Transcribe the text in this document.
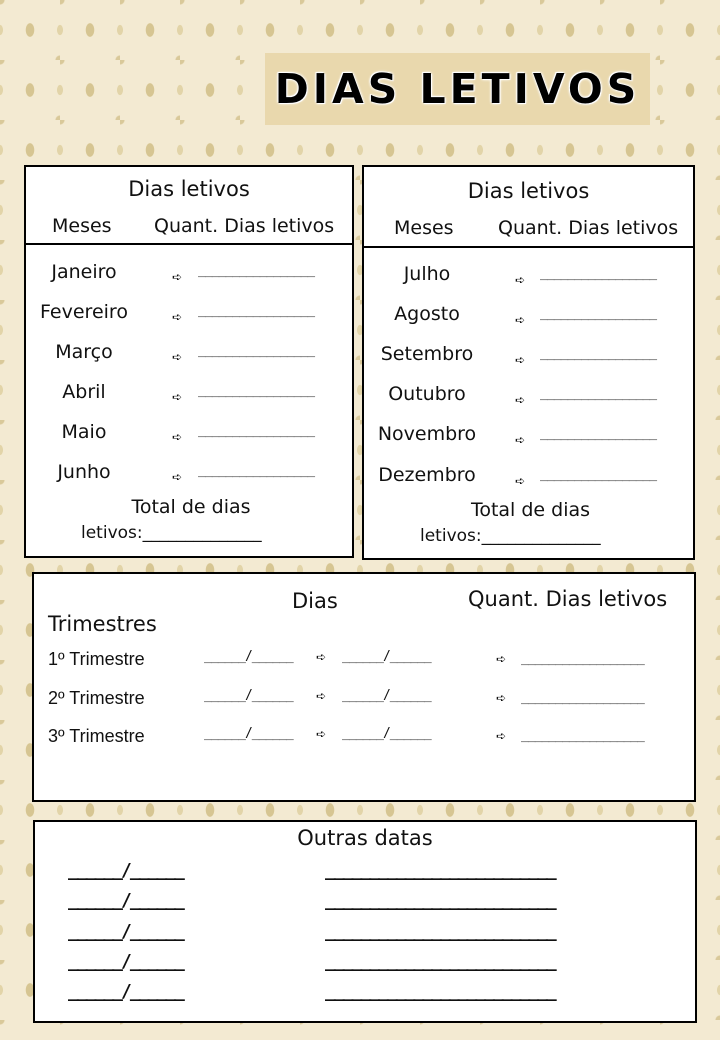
DIAS LETIVOS
Dias letivos
Meses Quant. Dias letivos
Janeiro	➪ _________________
Fevereiro	➪ _________________
Março	➪ _________________
Abril	➪ _________________
Maio	➪ _________________
Junho	➪ _________________
Total de dias
letivos:______________
Dias letivos
Meses Quant. Dias letivos
Julho	➪ _________________
Agosto	➪ _________________
Setembro	➪ _________________
Outubro	➪ _________________
Novembro	➪ _________________
Dezembro	➪ _________________
Total de dias
letivos:______________
Dias	Quant. Dias letivos
Trimestres
1º Trimestre	______/______ ➪ ______/______	➪ __________________
2º Trimestre	______/______ ➪ ______/______	➪ __________________
3º Trimestre	______/______ ➪ ______/______	➪ __________________
Outras datas
______/______	__________________________
______/______	__________________________
______/______	__________________________
______/______	__________________________
______/______	__________________________
